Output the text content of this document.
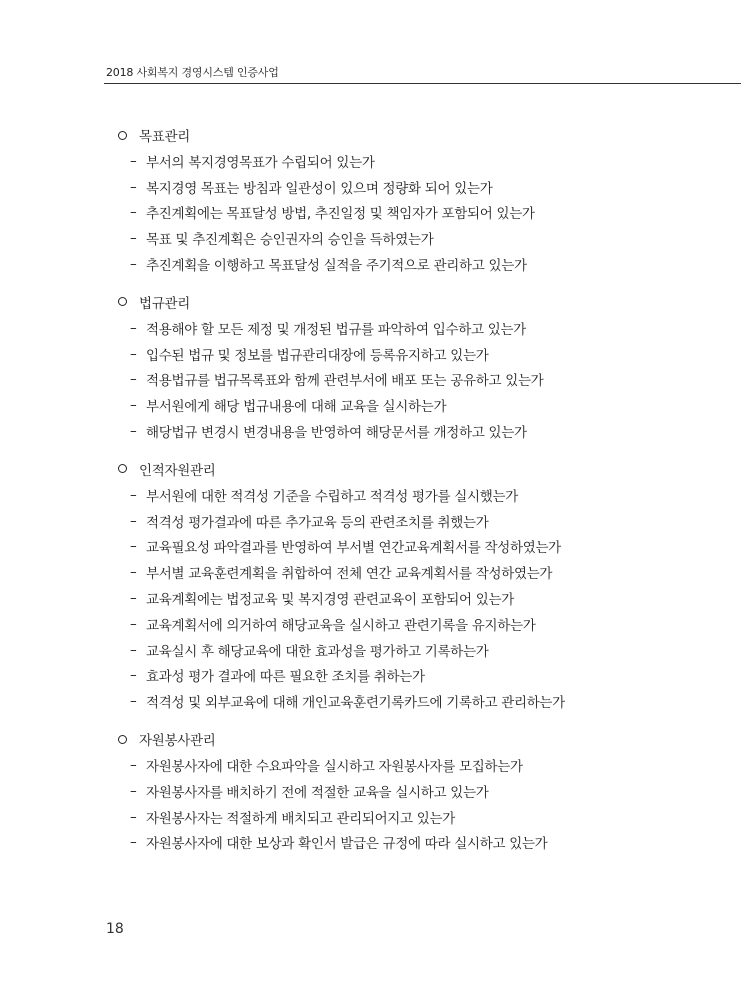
2018 사회복지 경영시스템 인증사업
목표관리
– 부서의 복지경영목표가 수립되어 있는가
– 복지경영 목표는 방침과 일관성이 있으며 정량화 되어 있는가
– 추진계획에는 목표달성 방법, 추진일정 및 책임자가 포함되어 있는가
– 목표 및 추진계획은 승인권자의 승인을 득하였는가
– 추진계획을 이행하고 목표달성 실적을 주기적으로 관리하고 있는가
법규관리
– 적용해야 할 모든 제정 및 개정된 법규를 파악하여 입수하고 있는가
– 입수된 법규 및 정보를 법규관리대장에 등록유지하고 있는가
– 적용법규를 법규목록표와 함께 관련부서에 배포 또는 공유하고 있는가
– 부서원에게 해당 법규내용에 대해 교육을 실시하는가
– 해당법규 변경시 변경내용을 반영하여 해당문서를 개정하고 있는가
인적자원관리
– 부서원에 대한 적격성 기준을 수립하고 적격성 평가를 실시했는가
– 적격성 평가결과에 따른 추가교육 등의 관련조치를 취했는가
– 교육필요성 파악결과를 반영하여 부서별 연간교육계획서를 작성하였는가
– 부서별 교육훈련계획을 취합하여 전체 연간 교육계획서를 작성하였는가
– 교육계획에는 법정교육 및 복지경영 관련교육이 포함되어 있는가
– 교육계획서에 의거하여 해당교육을 실시하고 관련기록을 유지하는가
– 교육실시 후 해당교육에 대한 효과성을 평가하고 기록하는가
– 효과성 평가 결과에 따른 필요한 조치를 취하는가
– 적격성 및 외부교육에 대해 개인교육훈련기록카드에 기록하고 관리하는가
자원봉사관리
– 자원봉사자에 대한 수요파악을 실시하고 자원봉사자를 모집하는가
– 자원봉사자를 배치하기 전에 적절한 교육을 실시하고 있는가
– 자원봉사자는 적절하게 배치되고 관리되어지고 있는가
– 자원봉사자에 대한 보상과 확인서 발급은 규정에 따라 실시하고 있는가
18
